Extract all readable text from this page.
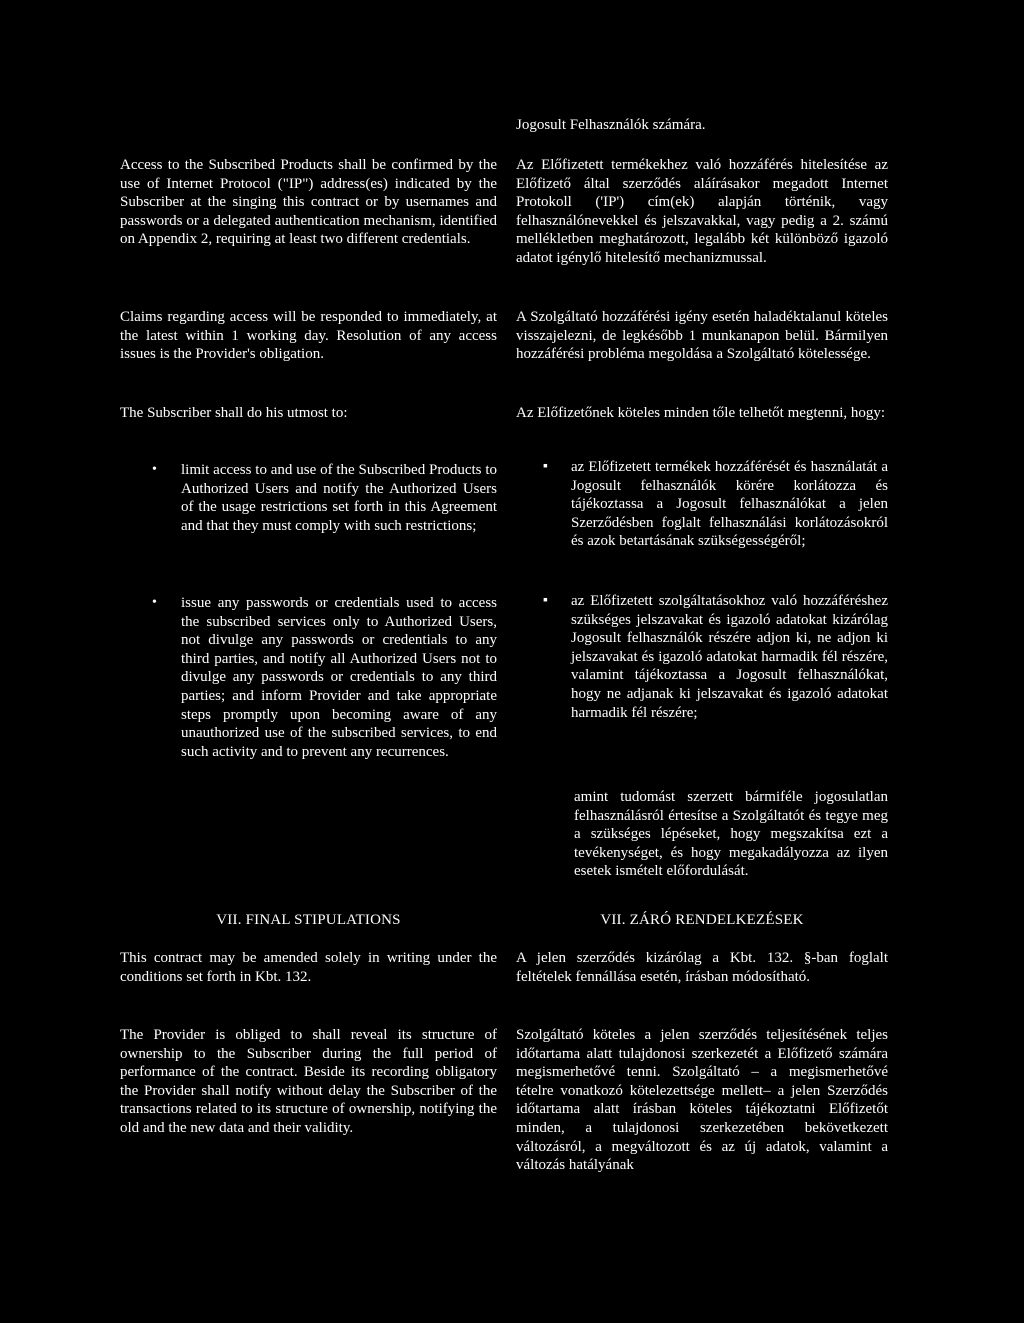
Jogosult Felhasználók számára.

Access to the Subscribed Products shall be confirmed by the use of Internet Protocol ("IP") address(es) indicated by the Subscriber at the singing this contract or by usernames and passwords or a delegated authentication mechanism, identified on Appendix 2, requiring at least two different credentials.

Claims regarding access will be responded to immediately, at the latest within 1 working day. Resolution of any access issues is the Provider's obligation.

The Subscriber shall do his utmost to:

• limit access to and use of the Subscribed Products to Authorized Users and notify the Authorized Users of the usage restrictions set forth in this Agreement and that they must comply with such restrictions;

• issue any passwords or credentials used to access the subscribed services only to Authorized Users, not divulge any passwords or credentials to any third parties, and notify all Authorized Users not to divulge any passwords or credentials to any third parties; and inform Provider and take appropriate steps promptly upon becoming aware of any unauthorized use of the subscribed services, to end such activity and to prevent any recurrences.

VII. FINAL STIPULATIONS

This contract may be amended solely in writing under the conditions set forth in Kbt. 132.

The Provider is obliged to shall reveal its structure of ownership to the Subscriber during the full period of performance of the contract. Beside its recording obligatory the Provider shall notify without delay the Subscriber of the transactions related to its structure of ownership, notifying the old and the new data and their validity.

Az Előfizetett termékekhez való hozzáférés hitelesítése az Előfizető által szerződés aláírásakor megadott Internet Protokoll ('IP') cím(ek) alapján történik, vagy felhasználónevekkel és jelszavakkal, vagy pedig a 2. számú mellékletben meghatározott, legalább két különböző igazoló adatot igénylő hitelesítő mechanizmussal.

A Szolgáltató hozzáférési igény esetén haladéktalanul köteles visszajelezni, de legkésőbb 1 munkanapon belül. Bármilyen hozzáférési probléma megoldása a Szolgáltató kötelessége.

Az Előfizetőnek köteles minden tőle telhetőt megtenni, hogy:

▪ az Előfizetett termékek hozzáférését és használatát a Jogosult felhasználók körére korlátozza és tájékoztassa a Jogosult felhasználókat a jelen Szerződésben foglalt felhasználási korlátozásokról és azok betartásának szükségességéről;

▪ az Előfizetett szolgáltatásokhoz való hozzáféréshez szükséges jelszavakat és igazoló adatokat kizárólag Jogosult felhasználók részére adjon ki, ne adjon ki jelszavakat és igazoló adatokat harmadik fél részére, valamint tájékoztassa a Jogosult felhasználókat, hogy ne adjanak ki jelszavakat és igazoló adatokat harmadik fél részére;

amint tudomást szerzett bármiféle jogosulatlan felhasználásról értesítse a Szolgáltatót és tegye meg a szükséges lépéseket, hogy megszakítsa ezt a tevékenységet, és hogy megakadályozza az ilyen esetek ismételt előfordulását.

VII. ZÁRÓ RENDELKEZÉSEK

A jelen szerződés kizárólag a Kbt. 132. §-ban foglalt feltételek fennállása esetén, írásban módosítható.

Szolgáltató köteles a jelen szerződés teljesítésének teljes időtartama alatt tulajdonosi szerkezetét a Előfizető számára megismerhetővé tenni. Szolgáltató – a megismerhetővé tételre vonatkozó kötelezettsége mellett– a jelen Szerződés időtartama alatt írásban köteles tájékoztatni Előfizetőt minden, a tulajdonosi szerkezetében bekövetkezett változásról, a megváltozott és az új adatok, valamint a változás hatályának
